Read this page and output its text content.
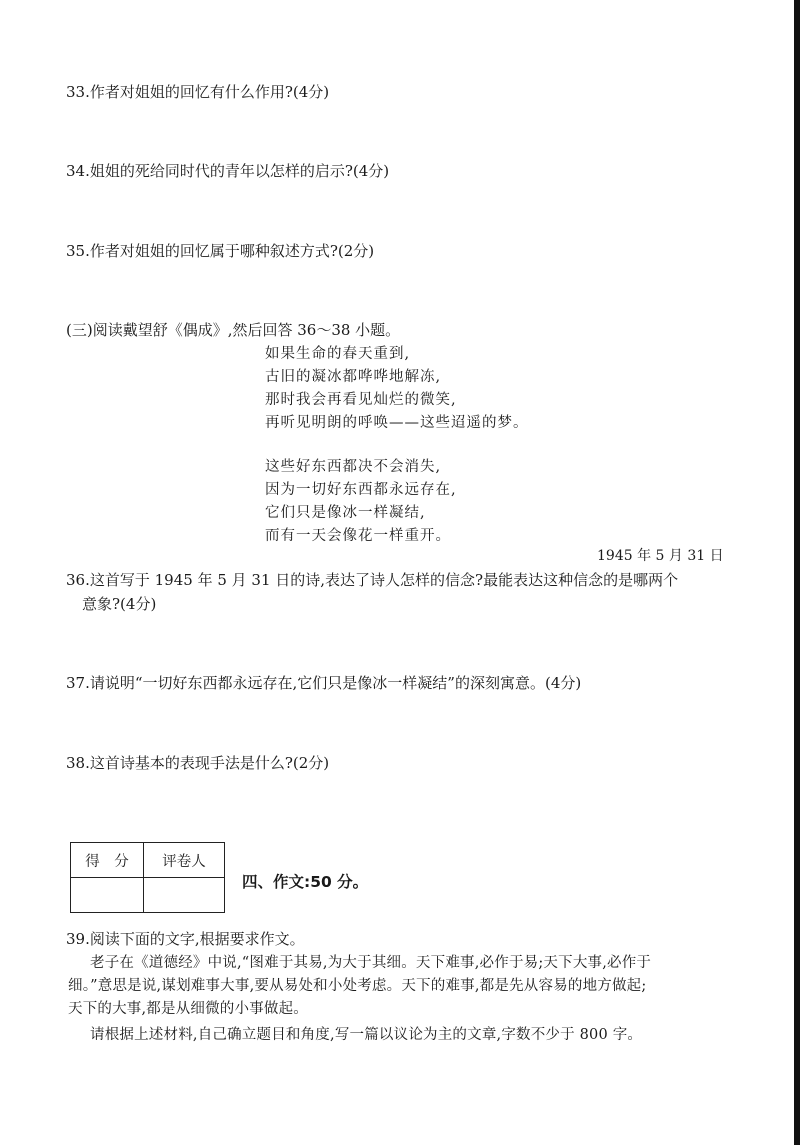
33.作者对姐姐的回忆有什么作用?(4分)
34.姐姐的死给同时代的青年以怎样的启示?(4分)
35.作者对姐姐的回忆属于哪种叙述方式?(2分)
(三)阅读戴望舒《偶成》,然后回答 36～38 小题。
如果生命的春天重到,
古旧的凝冰都哗哗地解冻,
那时我会再看见灿烂的微笑,
再听见明朗的呼唤——这些迢遥的梦。
这些好东西都决不会消失,
因为一切好东西都永远存在,
它们只是像冰一样凝结,
而有一天会像花一样重开。
1945 年 5 月 31 日
36.这首写于 1945 年 5 月 31 日的诗,表达了诗人怎样的信念?最能表达这种信念的是哪两个
意象?(4分)
37.请说明“一切好东西都永远存在,它们只是像冰一样凝结”的深刻寓意。(4分)
38.这首诗基本的表现手法是什么?(2分)
得　分	评卷人

四、作文:50 分。
39.阅读下面的文字,根据要求作文。
老子在《道德经》中说,“图难于其易,为大于其细。天下难事,必作于易;天下大事,必作于
细。”意思是说,谋划难事大事,要从易处和小处考虑。天下的难事,都是先从容易的地方做起;
天下的大事,都是从细微的小事做起。
请根据上述材料,自己确立题目和角度,写一篇以议论为主的文章,字数不少于 800 字。
